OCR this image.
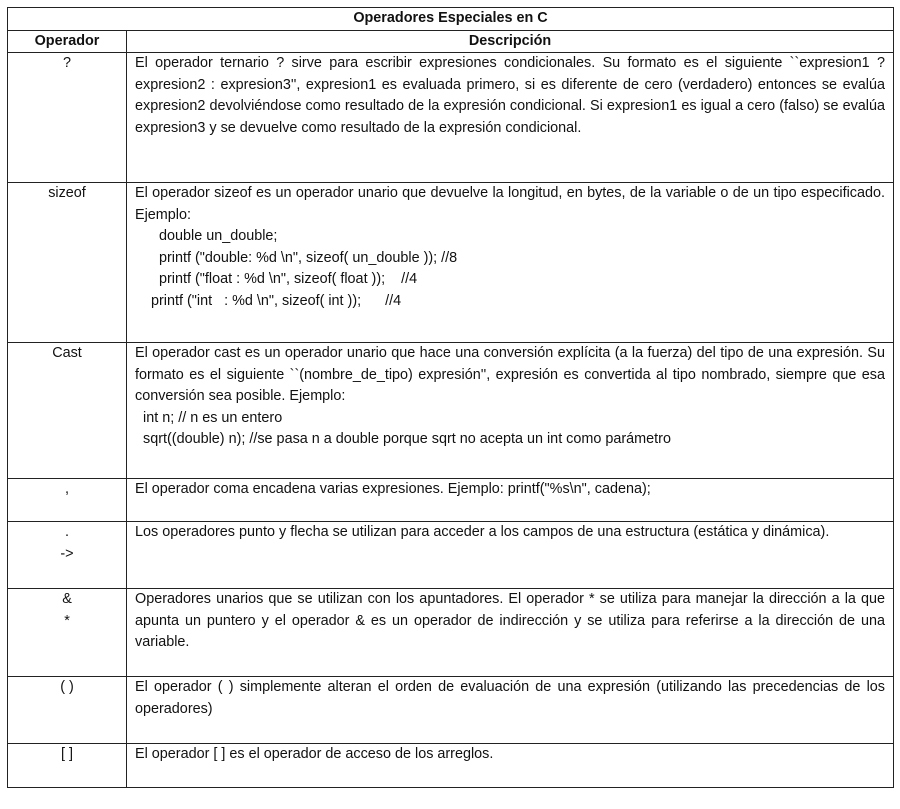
Operadores Especiales en C	
Operador	Descripción

?	El operador ternario ? sirve para escribir expresiones condicionales. Su formato es el siguiente ``expresion1 ? expresion2 : expresion3'', expresion1 es evaluada primero, si es diferente de cero (verdadero) entonces se evalúa expresion2 devolviéndose como resultado de la expresión condicional. Si expresion1 es igual a cero (falso) se evalúa expresion3 y se devuelve como resultado de la expresión condicional.

sizeof	El operador sizeof es un operador unario que devuelve la longitud, en bytes, de la variable o de un tipo especificado. Ejemplo:

double un_double;
printf ("double: %d \n", sizeof( un_double )); //8
printf ("float : %d \n", sizeof( float ));    //4
printf ("int   : %d \n", sizeof( int ));      //4

Cast	El operador cast es un operador unario que hace una conversión explícita (a la fuerza) del tipo de una expresión. Su formato es el siguiente ``(nombre_de_tipo) expresión'', expresión es convertida al tipo nombrado, siempre que esa conversión sea posible. Ejemplo:

int n; // n es un entero
sqrt((double) n); //se pasa n a double porque sqrt no acepta un int como parámetro

,	El operador coma encadena varias expresiones. Ejemplo: printf("%s\n", cadena);

.
->	Los operadores punto y flecha se utilizan para acceder a los campos de una estructura (estática y dinámica).

&
*	Operadores unarios que se utilizan con los apuntadores. El operador * se utiliza para manejar la dirección a la que apunta un puntero y el operador & es un operador de indirección y se utiliza para referirse a la dirección de una variable.

( )	El operador ( ) simplemente alteran el orden de evaluación de una expresión (utilizando las precedencias de los operadores)

[ ]	El operador [ ] es el operador de acceso de los arreglos.
